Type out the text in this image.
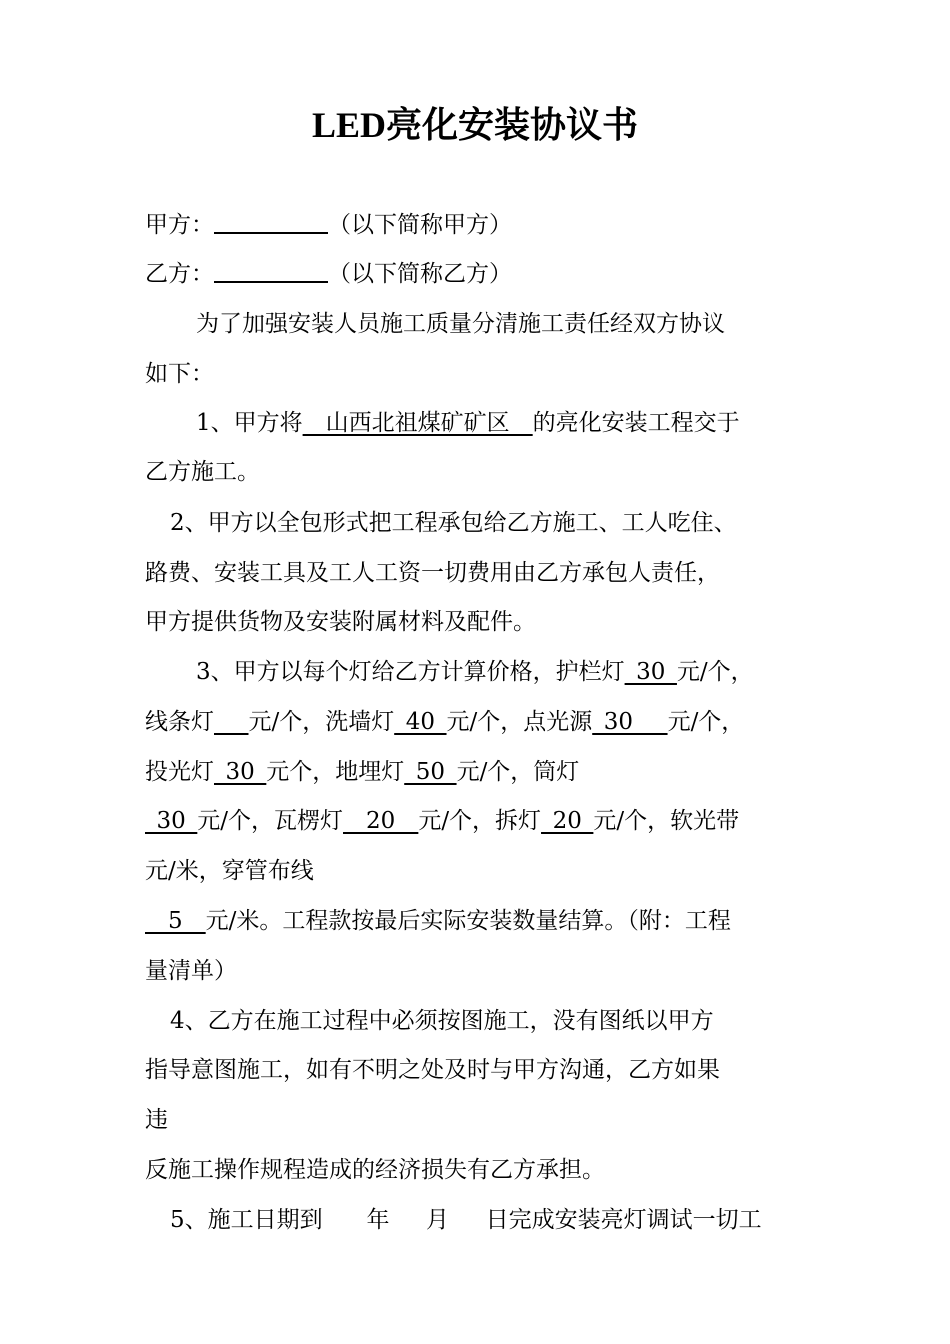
LED亮化安装协议书
甲方：	（以下简称甲方）
乙方：	（以下简称乙方）
为了加强安装人员施工质量分清施工责任经双方协议
如下：
1、甲方将__山西北祖煤矿矿区__的亮化安装工程交于
乙方施工。
2、甲方以全包形式把工程承包给乙方施工、工人吃住、
路费、安装工具及工人工资一切费用由乙方承包人责任，
甲方提供货物及安装附属材料及配件。
3、甲方以每个灯给乙方计算价格，护栏灯_30_元/个，
线条灯___元/个，洗墙灯_40_元/个，点光源_30___元/个，
投光灯_30_元个，地埋灯_50_元/个，筒灯
_30_元/个，瓦楞灯__20__元/个，拆灯_20_元/个，软光带
元/米，穿管布线
__5__元/米。工程款按最后实际安装数量结算。（附：工程
量清单）
4、乙方在施工过程中必须按图施工，没有图纸以甲方
指导意图施工，如有不明之处及时与甲方沟通，乙方如果
违
反施工操作规程造成的经济损失有乙方承担。
5、施工日期到      年     月     日完成安装亮灯调试一切工
